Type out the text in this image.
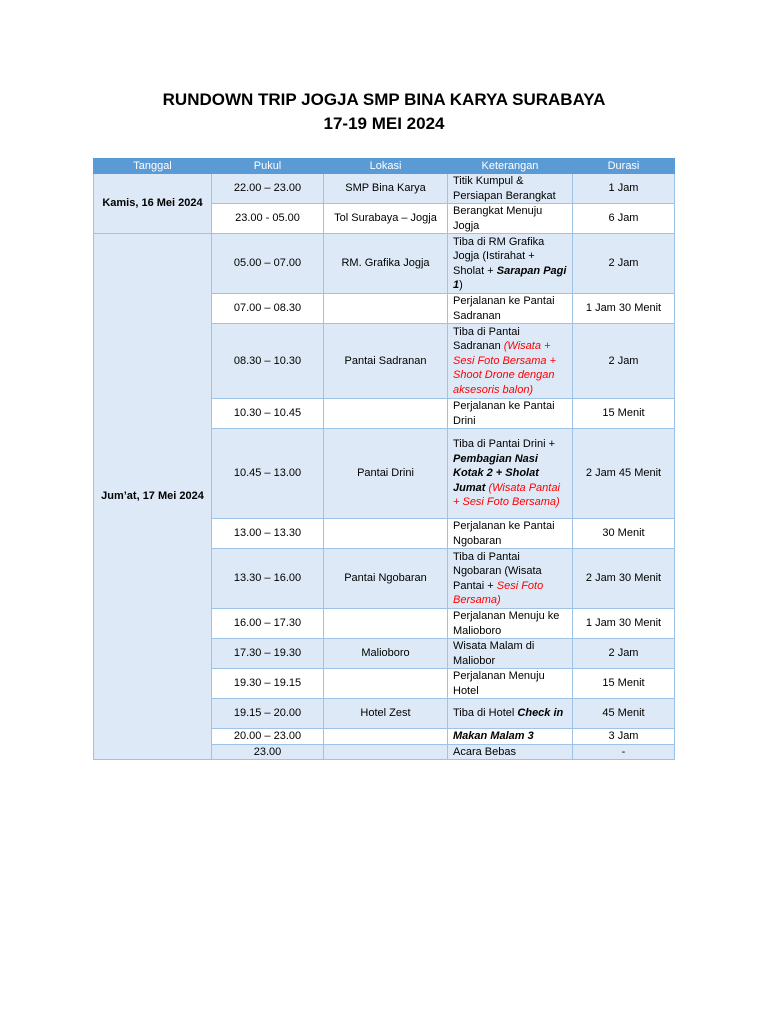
RUNDOWN TRIP JOGJA SMP BINA KARYA SURABAYA
17-19 MEI 2024
Tanggal	Pukul	Lokasi	Keterangan	Durasi
Kamis, 16 Mei 2024	22.00 – 23.00	SMP Bina Karya	Titik Kumpul & Persiapan Berangkat	1 Jam
	23.00 - 05.00	Tol Surabaya – Jogja	Berangkat Menuju Jogja	6 Jam
Jum’at, 17 Mei 2024	05.00 – 07.00	RM. Grafika Jogja	Tiba di RM Grafika Jogja (Istirahat + Sholat + Sarapan Pagi 1)	2 Jam
	07.00 – 08.30		Perjalanan ke Pantai Sadranan	1 Jam 30 Menit
	08.30 – 10.30	Pantai Sadranan	Tiba di Pantai Sadranan (Wisata + Sesi Foto Bersama + Shoot Drone dengan aksesoris balon)	2 Jam
	10.30 – 10.45		Perjalanan ke Pantai Drini	15 Menit
	10.45 – 13.00	Pantai Drini	Tiba di Pantai Drini + Pembagian Nasi Kotak 2 + Sholat Jumat (Wisata Pantai + Sesi Foto Bersama)	2 Jam 45 Menit
	13.00 – 13.30		Perjalanan ke Pantai Ngobaran	30 Menit
	13.30 – 16.00	Pantai Ngobaran	Tiba di Pantai Ngobaran (Wisata Pantai + Sesi Foto Bersama)	2 Jam 30 Menit
	16.00 – 17.30		Perjalanan Menuju ke Malioboro	1 Jam 30 Menit
	17.30 – 19.30	Malioboro	Wisata Malam di Maliobor	2 Jam
	19.30 – 19.15		Perjalanan Menuju Hotel	15 Menit
	19.15 – 20.00	Hotel Zest	Tiba di Hotel Check in	45 Menit
	20.00 – 23.00		Makan Malam 3	3 Jam
	23.00		Acara Bebas	-
